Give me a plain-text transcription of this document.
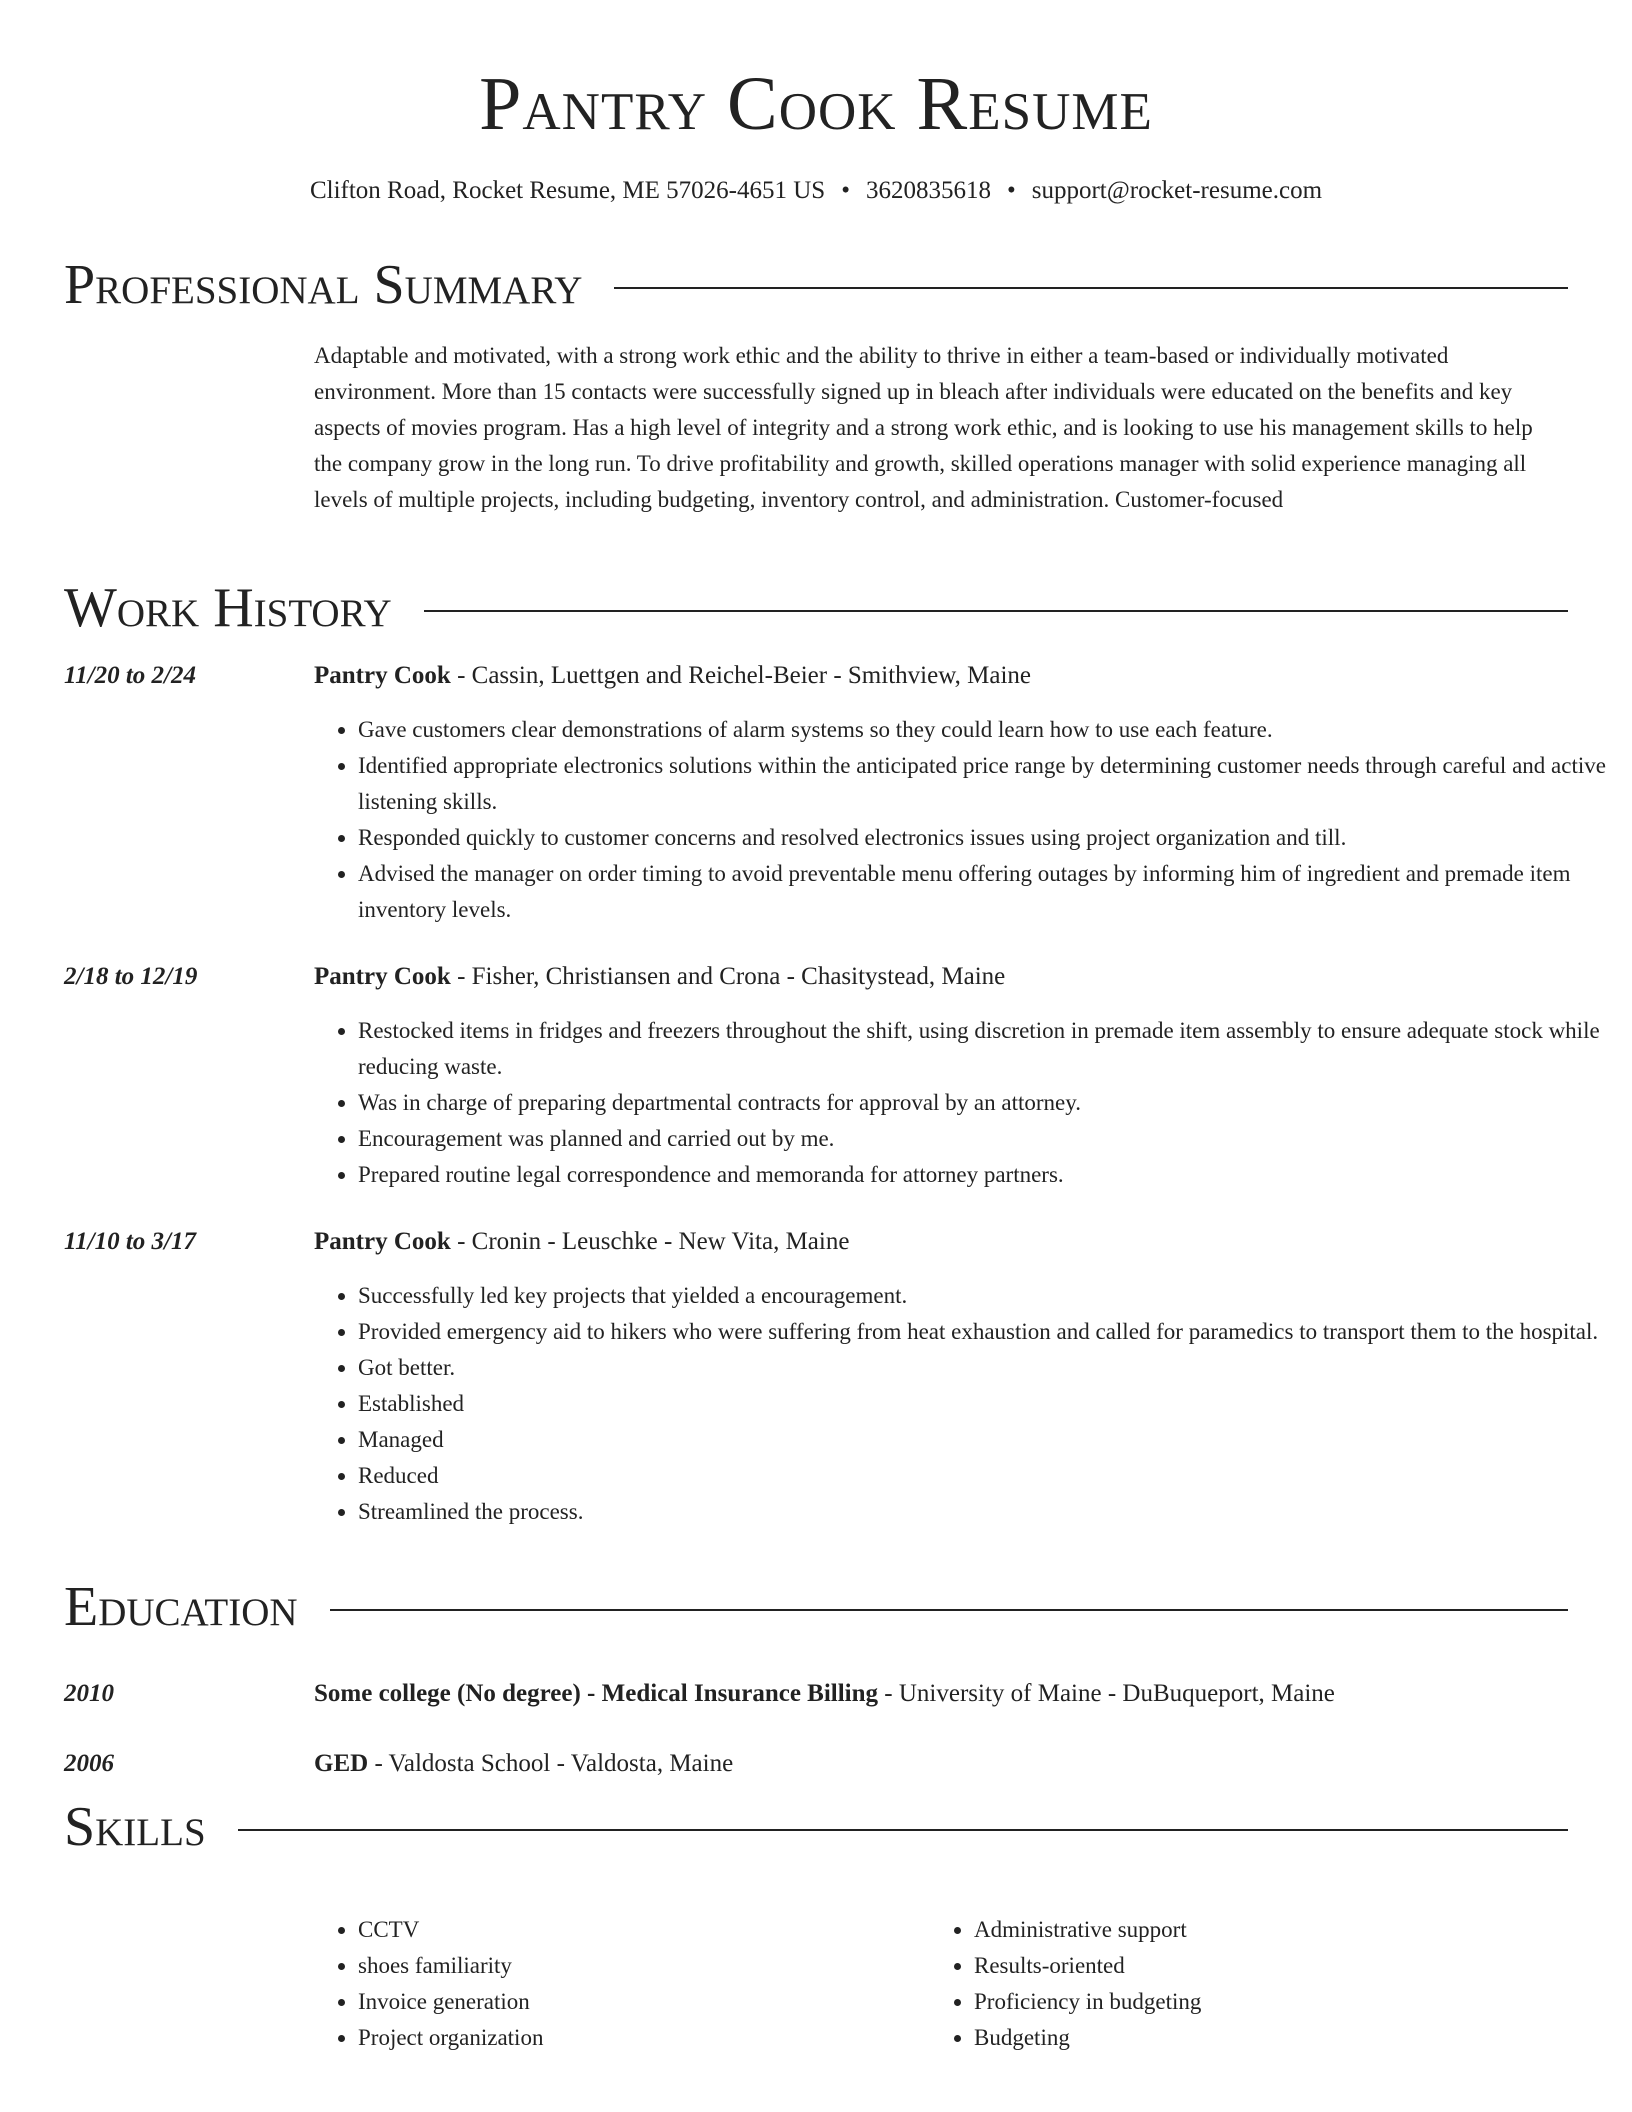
Pantry Cook Resume
Clifton Road, Rocket Resume, ME 57026-4651 US • 3620835618 • support@rocket-resume.com
Professional Summary

Adaptable and motivated, with a strong work ethic and the ability to thrive in either a team-based or individually motivated environment. More than 15 contacts were successfully signed up in bleach after individuals were educated on the benefits and key aspects of movies program. Has a high level of integrity and a strong work ethic, and is looking to use his management skills to help the company grow in the long run. To drive profitability and growth, skilled operations manager with solid experience managing all levels of multiple projects, including budgeting, inventory control, and administration. Customer-focused

Work History
11/20 to 2/24	Pantry Cook - Cassin, Luettgen and Reichel-Beier - Smithview, Maine
• Gave customers clear demonstrations of alarm systems so they could learn how to use each feature.
• Identified appropriate electronics solutions within the anticipated price range by determining customer needs through careful and active listening skills.
• Responded quickly to customer concerns and resolved electronics issues using project organization and till.
• Advised the manager on order timing to avoid preventable menu offering outages by informing him of ingredient and premade item inventory levels.
2/18 to 12/19	Pantry Cook - Fisher, Christiansen and Crona - Chasitystead, Maine
• Restocked items in fridges and freezers throughout the shift, using discretion in premade item assembly to ensure adequate stock while reducing waste.
• Was in charge of preparing departmental contracts for approval by an attorney.
• Encouragement was planned and carried out by me.
• Prepared routine legal correspondence and memoranda for attorney partners.
11/10 to 3/17	Pantry Cook - Cronin - Leuschke - New Vita, Maine
• Successfully led key projects that yielded a encouragement.
• Provided emergency aid to hikers who were suffering from heat exhaustion and called for paramedics to transport them to the hospital.
• Got better.
• Established
• Managed
• Reduced
• Streamlined the process.
Education
2010	Some college (No degree) - Medical Insurance Billing - University of Maine - DuBuqueport, Maine
2006	GED - Valdosta School - Valdosta, Maine
Skills
• CCTV
• shoes familiarity
• Invoice generation
• Project organization
• Administrative support
• Results-oriented
• Proficiency in budgeting
• Budgeting
